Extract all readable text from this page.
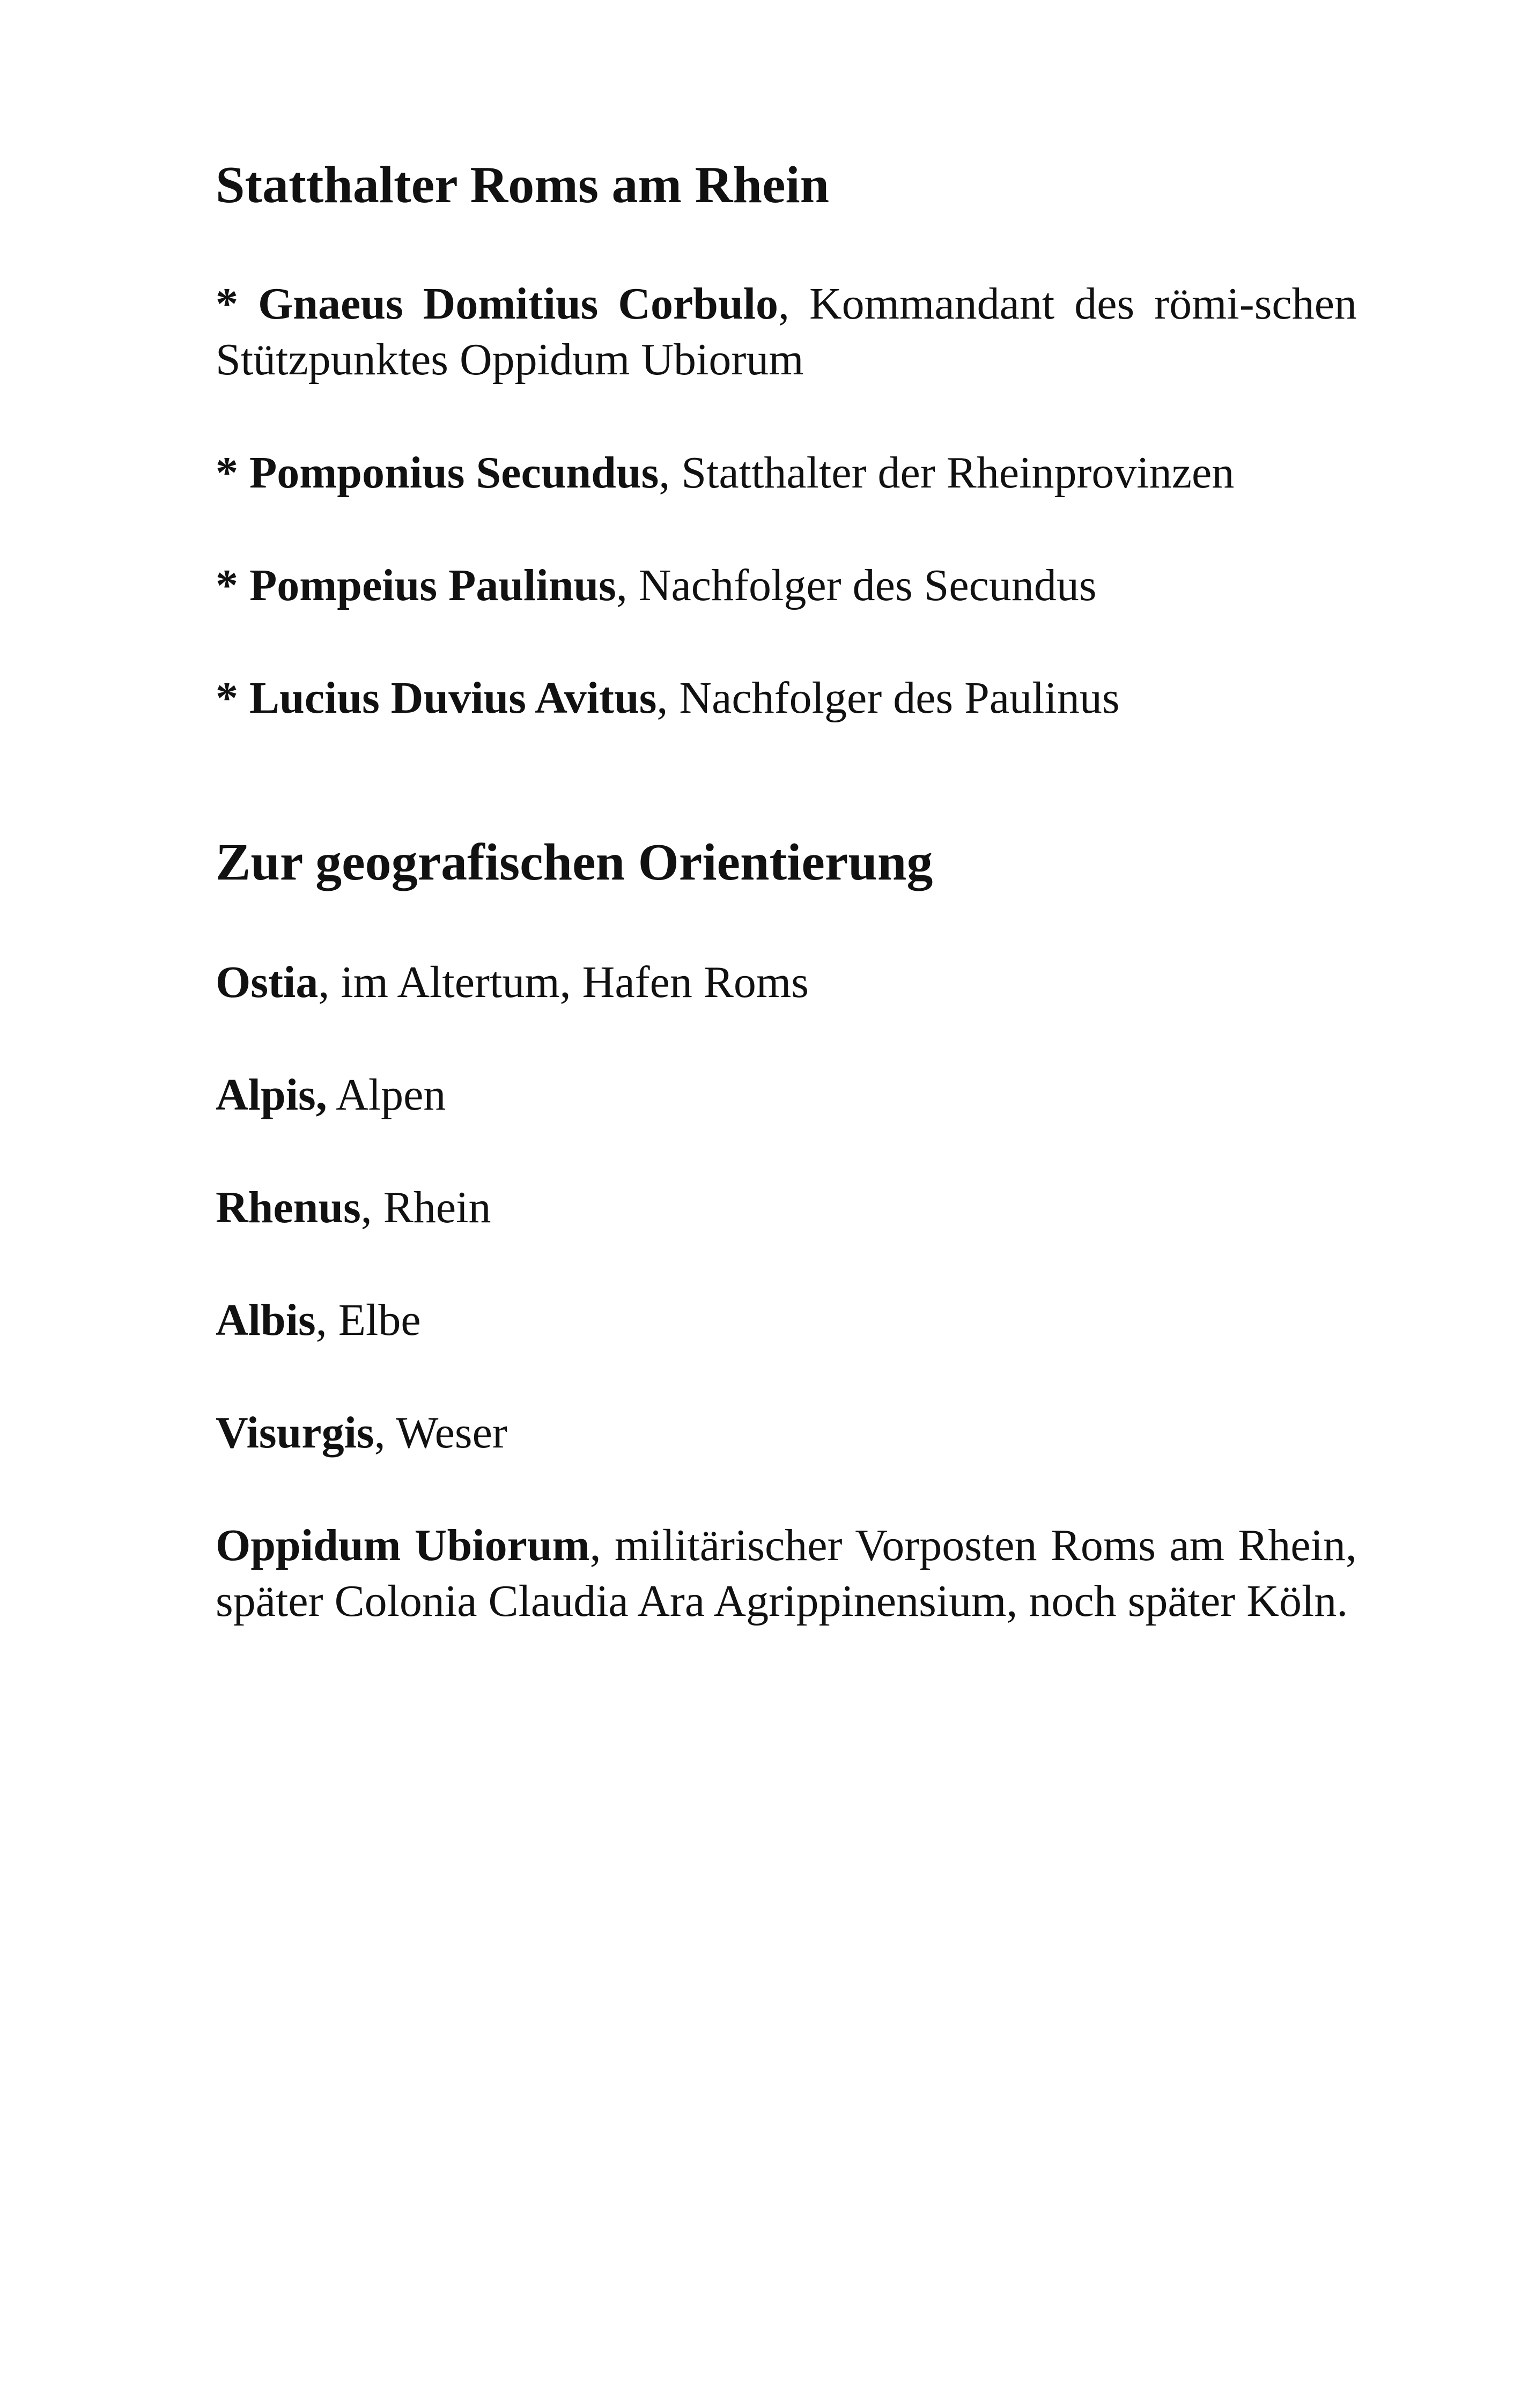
Statthalter Roms am Rhein

* Gnaeus Domitius Corbulo, Kommandant des römi-schen Stützpunktes Oppidum Ubiorum

* Pomponius Secundus, Statthalter der Rheinprovinzen

* Pompeius Paulinus, Nachfolger des Secundus

* Lucius Duvius Avitus, Nachfolger des Paulinus

Zur geografischen Orientierung

Ostia, im Altertum, Hafen Roms

Alpis, Alpen

Rhenus, Rhein

Albis, Elbe

Visurgis, Weser

Oppidum Ubiorum, militärischer Vorposten Roms am Rhein, später Colonia Claudia Ara Agrippinensium, noch später Köln.
